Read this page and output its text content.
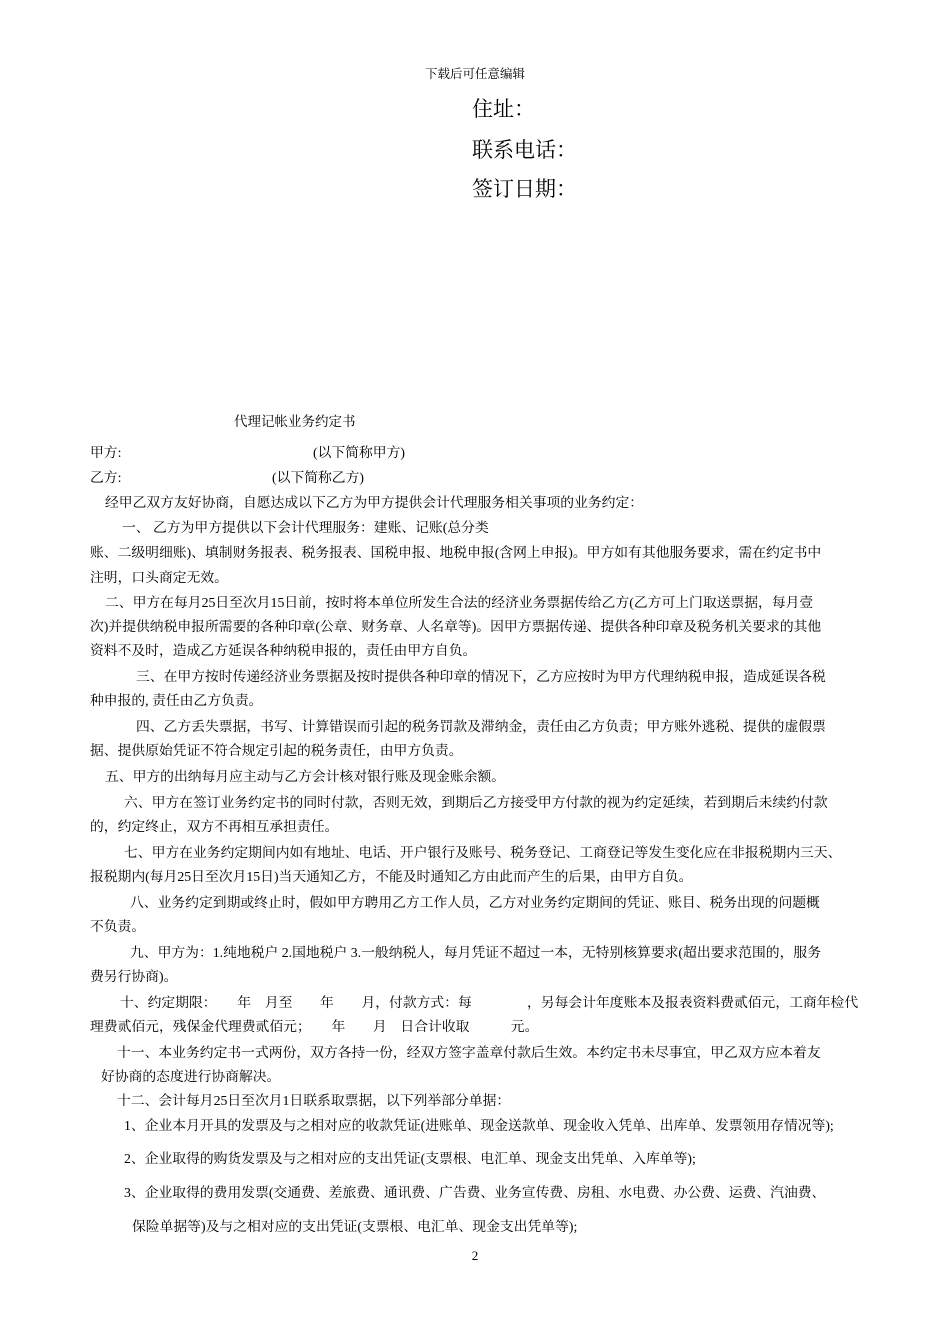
下载后可任意编辑
住址：
联系电话：
签订日期：
代理记帐业务约定书
甲方:	(以下简称甲方)
乙方:	(以下简称乙方)
经甲乙双方友好协商，自愿达成以下乙方为甲方提供会计代理服务相关事项的业务约定：
一、 乙方为甲方提供以下会计代理服务：建账、记账(总分类
账、二级明细账)、填制财务报表、税务报表、国税申报、地税申报(含网上申报)。甲方如有其他服务要求，需在约定书中
注明，口头商定无效。
二、甲方在每月25日至次月15日前，按时将本单位所发生合法的经济业务票据传给乙方(乙方可上门取送票据，每月壹
次)并提供纳税申报所需要的各种印章(公章、财务章、人名章等)。因甲方票据传递、提供各种印章及税务机关要求的其他
资料不及时，造成乙方延误各种纳税申报的，责任由甲方自负。
三、在甲方按时传递经济业务票据及按时提供各种印章的情况下，乙方应按时为甲方代理纳税申报，造成延误各税
种申报的, 责任由乙方负责。
四、乙方丢失票据，书写、计算错误而引起的税务罚款及滞纳金，责任由乙方负责；甲方账外逃税、提供的虚假票
据、提供原始凭证不符合规定引起的税务责任，由甲方负责。
五、甲方的出纳每月应主动与乙方会计核对银行账及现金账余额。
六、甲方在签订业务约定书的同时付款，否则无效，到期后乙方接受甲方付款的视为约定延续，若到期后未续约付款
的，约定终止，双方不再相互承担责任。
七、甲方在业务约定期间内如有地址、电话、开户银行及账号、税务登记、工商登记等发生变化应在非报税期内三天、
报税期内(每月25日至次月15日)当天通知乙方，不能及时通知乙方由此而产生的后果，由甲方自负。
八、业务约定到期或终止时，假如甲方聘用乙方工作人员，乙方对业务约定期间的凭证、账目、税务出现的问题概
不负责。
九、甲方为：1.纯地税户 2.国地税户 3.一般纳税人，每月凭证不超过一本，无特别核算要求(超出要求范围的，服务
费另行协商)。
十、约定期限：　　年　月至　　年　　月，付款方式：每　　　　，另每会计年度账本及报表资料费贰佰元，工商年检代
理费贰佰元，残保金代理费贰佰元；　　年　　月　日合计收取　　　元。
十一、本业务约定书一式两份，双方各持一份，经双方签字盖章付款后生效。本约定书未尽事宜，甲乙双方应本着友
好协商的态度进行协商解决。
十二、会计每月25日至次月1日联系取票据，以下列举部分单据：
1、企业本月开具的发票及与之相对应的收款凭证(进账单、现金送款单、现金收入凭单、出库单、发票领用存情况等);
2、企业取得的购货发票及与之相对应的支出凭证(支票根、电汇单、现金支出凭单、入库单等);
3、企业取得的费用发票(交通费、差旅费、通讯费、广告费、业务宣传费、房租、水电费、办公费、运费、汽油费、
保险单据等)及与之相对应的支出凭证(支票根、电汇单、现金支出凭单等);
2
